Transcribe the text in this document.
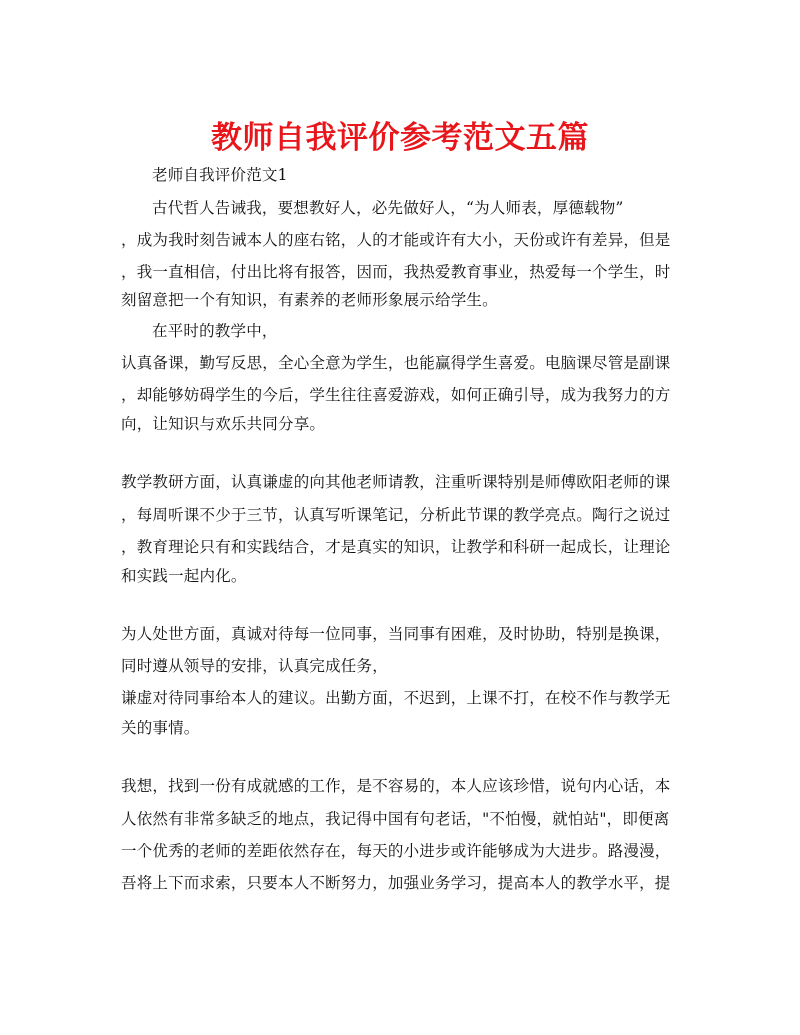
教师自我评价参考范文五篇
老师自我评价范文1
古代哲人告诫我，要想教好人，必先做好人，“为人师表，厚德载物”
，成为我时刻告诫本人的座右铭，人的才能或许有大小，天份或许有差异，但是
，我一直相信，付出比将有报答，因而，我热爱教育事业，热爱每一个学生，时
刻留意把一个有知识，有素养的老师形象展示给学生。
在平时的教学中，
认真备课，勤写反思，全心全意为学生，也能赢得学生喜爱。电脑课尽管是副课
，却能够妨碍学生的今后，学生往往喜爱游戏，如何正确引导，成为我努力的方
向，让知识与欢乐共同分享。
教学教研方面，认真谦虚的向其他老师请教，注重听课特别是师傅欧阳老师的课
，每周听课不少于三节，认真写听课笔记，分析此节课的教学亮点。陶行之说过
，教育理论只有和实践结合，才是真实的知识，让教学和科研一起成长，让理论
和实践一起内化。
为人处世方面，真诚对待每一位同事，当同事有困难，及时协助，特别是换课，
同时遵从领导的安排，认真完成任务，
谦虚对待同事给本人的建议。出勤方面，不迟到，上课不打，在校不作与教学无
关的事情。
我想，找到一份有成就感的工作，是不容易的，本人应该珍惜，说句内心话，本
人依然有非常多缺乏的地点，我记得中国有句老话，"不怕慢，就怕站"，即便离
一个优秀的老师的差距依然存在，每天的小进步或许能够成为大进步。路漫漫，
吾将上下而求索，只要本人不断努力，加强业务学习，提高本人的教学水平，提
